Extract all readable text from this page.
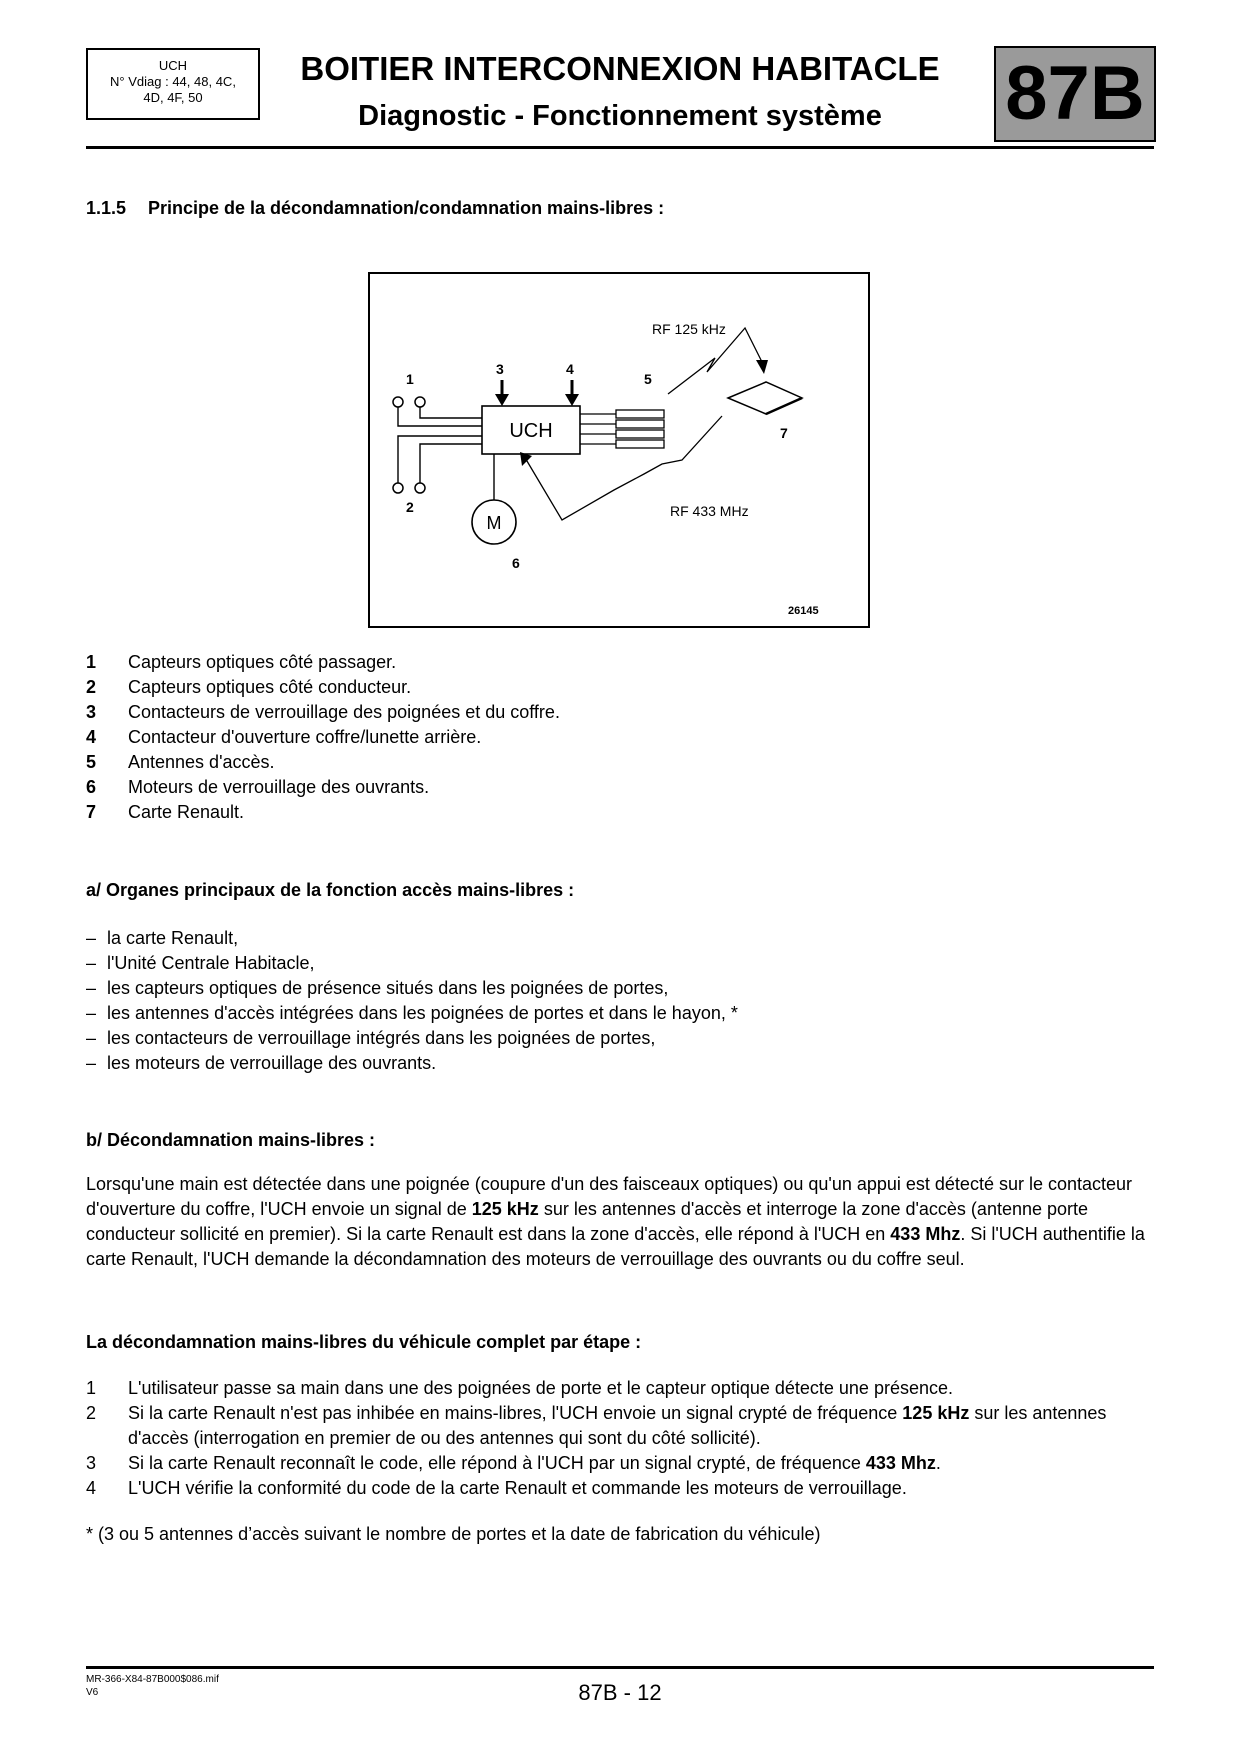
UCH
N° Vdiag : 44, 48, 4C,
4D, 4F, 50
BOITIER INTERCONNEXION HABITACLE
Diagnostic - Fonctionnement système	87B
1.1.5 Principe de la décondamnation/condamnation mains-libres :
UCH
M
RF 125 kHz
RF 433 MHz
1
2
3	4
5
6
7
26145
1	Capteurs optiques côté passager.
2	Capteurs optiques côté conducteur.
3	Contacteurs de verrouillage des poignées et du coffre.
4	Contacteur d'ouverture coffre/lunette arrière.
5	Antennes d'accès.
6	Moteurs de verrouillage des ouvrants.
7	Carte Renault.
a/ Organes principaux de la fonction accès mains-libres :
– la carte Renault,
– l'Unité Centrale Habitacle,
– les capteurs optiques de présence situés dans les poignées de portes,
– les antennes d'accès intégrées dans les poignées de portes et dans le hayon, *
– les contacteurs de verrouillage intégrés dans les poignées de portes,
– les moteurs de verrouillage des ouvrants.
b/ Décondamnation mains-libres :
Lorsqu'une main est détectée dans une poignée (coupure d'un des faisceaux optiques) ou qu'un appui est détecté sur le contacteur d'ouverture du coffre, l'UCH envoie un signal de 125 kHz sur les antennes d'accès et interroge la zone d'accès (antenne porte conducteur sollicité en premier). Si la carte Renault est dans la zone d'accès, elle répond à l'UCH en 433 Mhz. Si l'UCH authentifie la carte Renault, l'UCH demande la décondamnation des moteurs de verrouillage des ouvrants ou du coffre seul.
La décondamnation mains-libres du véhicule complet par étape :
1	L'utilisateur passe sa main dans une des poignées de porte et le capteur optique détecte une présence.
2	Si la carte Renault n'est pas inhibée en mains-libres, l'UCH envoie un signal crypté de fréquence 125 kHz sur les antennes d'accès (interrogation en premier de ou des antennes qui sont du côté sollicité).
3	Si la carte Renault reconnaît le code, elle répond à l'UCH par un signal crypté, de fréquence 433 Mhz.
4	L'UCH vérifie la conformité du code de la carte Renault et commande les moteurs de verrouillage.
* (3 ou 5 antennes d’accès suivant le nombre de portes et la date de fabrication du véhicule)
MR-366-X84-87B000$086.mif
V6	87B - 12
